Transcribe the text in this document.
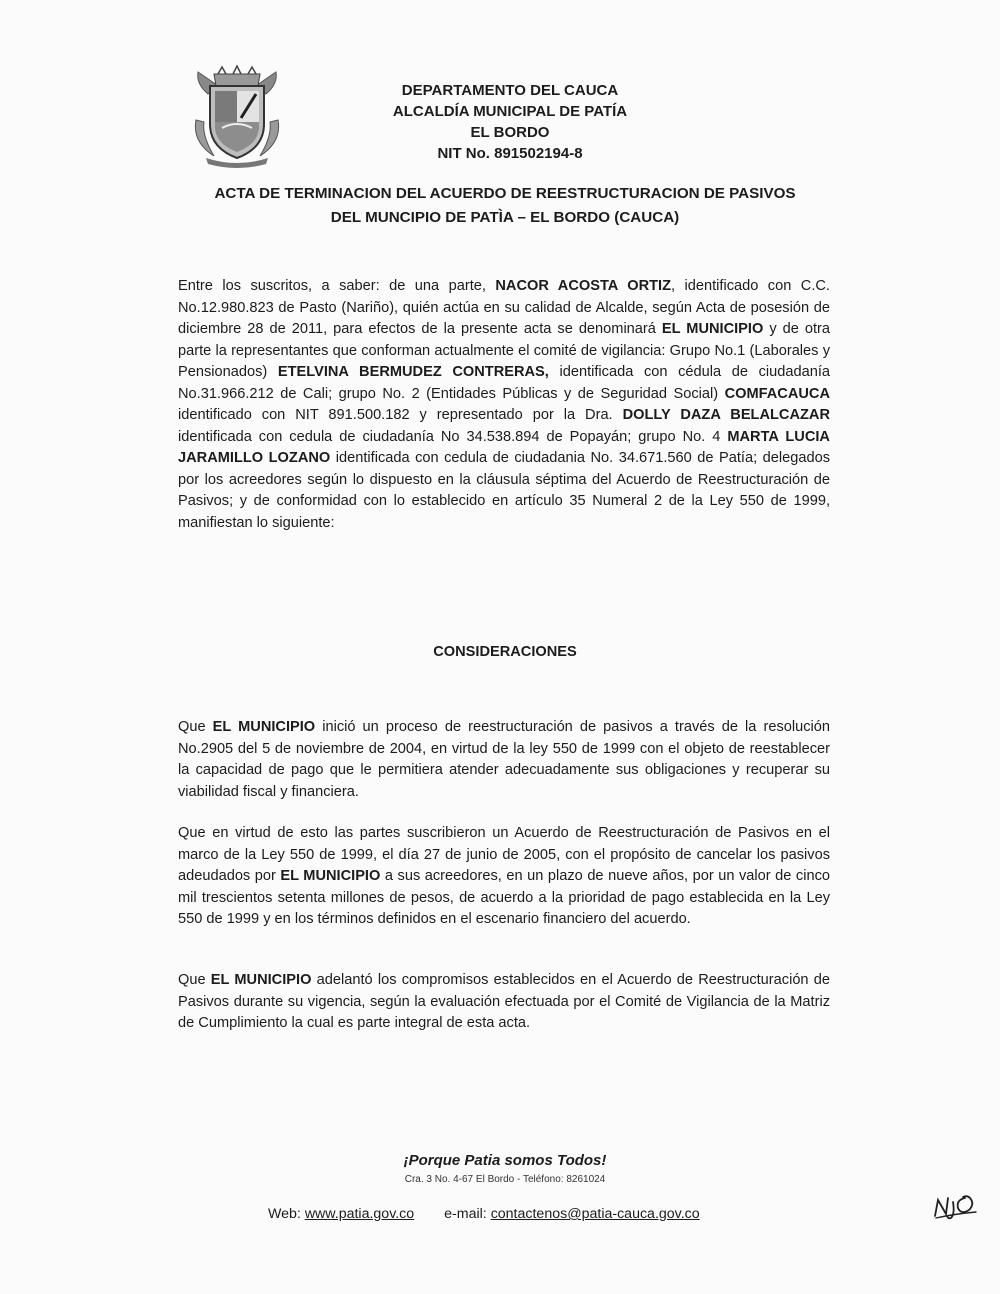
DEPARTAMENTO DEL CAUCA
ALCALDÍA MUNICIPAL DE PATÍA
EL BORDO
NIT No. 891502194-8
ACTA DE TERMINACION DEL ACUERDO DE REESTRUCTURACION DE PASIVOS
DEL MUNCIPIO DE PATÌA – EL BORDO (CAUCA)
Entre los suscritos, a saber: de una parte, NACOR ACOSTA ORTIZ, identificado con C.C. No.12.980.823 de Pasto (Nariño), quién actúa en su calidad de Alcalde, según Acta de posesión de diciembre 28 de 2011, para efectos de la presente acta se denominará EL MUNICIPIO y de otra parte la representantes que conforman actualmente el comité de vigilancia: Grupo No.1 (Laborales y Pensionados) ETELVINA BERMUDEZ CONTRERAS, identificada con cédula de ciudadanía No.31.966.212 de Cali; grupo No. 2 (Entidades Públicas y de Seguridad Social) COMFACAUCA identificado con NIT 891.500.182 y representado por la Dra. DOLLY DAZA BELALCAZAR identificada con cedula de ciudadanía No 34.538.894 de Popayán; grupo No. 4 MARTA LUCIA JARAMILLO LOZANO identificada con cedula de ciudadania No. 34.671.560 de Patía; delegados por los acreedores según lo dispuesto en la cláusula séptima del Acuerdo de Reestructuración de Pasivos; y de conformidad con lo establecido en artículo 35 Numeral 2 de la Ley 550 de 1999, manifiestan lo siguiente:
CONSIDERACIONES
Que EL MUNICIPIO inició un proceso de reestructuración de pasivos a través de la resolución No.2905 del 5 de noviembre de 2004, en virtud de la ley 550 de 1999 con el objeto de reestablecer la capacidad de pago que le permitiera atender adecuadamente sus obligaciones y recuperar su viabilidad fiscal y financiera.
Que en virtud de esto las partes suscribieron un Acuerdo de Reestructuración de Pasivos en el marco de la Ley 550 de 1999, el día 27 de junio de 2005, con el propósito de cancelar los pasivos adeudados por EL MUNICIPIO a sus acreedores, en un plazo de nueve años, por un valor de cinco mil trescientos setenta millones de pesos, de acuerdo a la prioridad de pago establecida en la Ley 550 de 1999 y en los términos definidos en el escenario financiero del acuerdo.
Que EL MUNICIPIO adelantó los compromisos establecidos en el Acuerdo de Reestructuración de Pasivos durante su vigencia, según la evaluación efectuada por el Comité de Vigilancia de la Matriz de Cumplimiento la cual es parte integral de esta acta.
¡Porque Patia somos Todos!
Cra. 3 No. 4-67 El Bordo - Teléfono: 8261024
Web: www.patia.gov.co e-mail: contactenos@patia-cauca.gov.co
